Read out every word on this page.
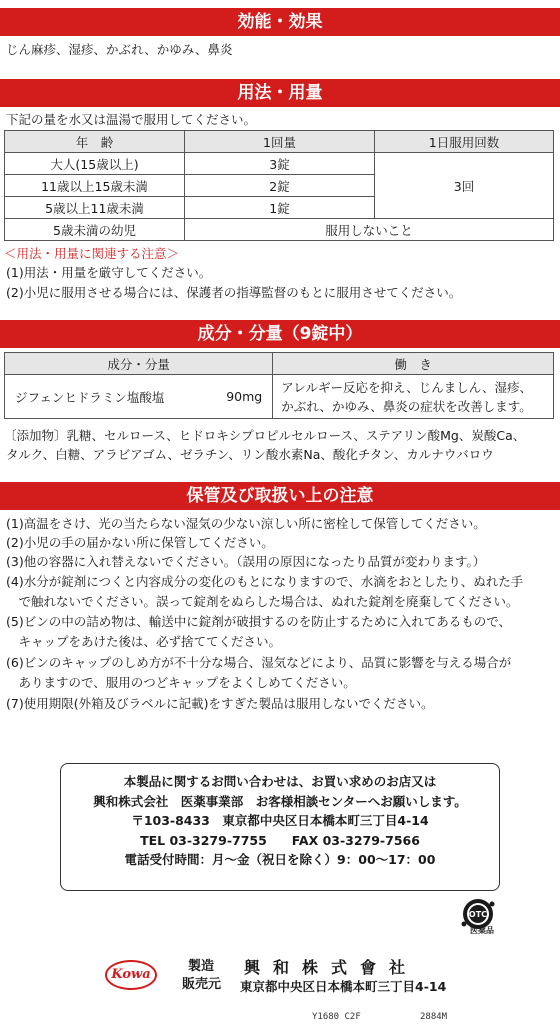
効能・効果
じん麻疹、湿疹、かぶれ、かゆみ、鼻炎
用法・用量
下記の量を水又は温湯で服用してください。
年　齢	1回量	1日服用回数
大人(15歳以上)	3錠	3回
11歳以上15歳未満	2錠	
5歳以上11歳未満	1錠	
5歳未満の幼児	服用しないこと	
＜用法・用量に関連する注意＞
(1)用法・用量を厳守してください。
(2)小児に服用させる場合には、保護者の指導監督のもとに服用させてください。
成分・分量（9錠中）
成分・分量		働　き
ジフェンヒドラミン塩酸塩	90mg	アレルギー反応を抑え、じんましん、湿疹、
かぶれ、かゆみ、鼻炎の症状を改善します。
〔添加物〕乳糖、セルロース、ヒドロキシプロピルセルロース、ステアリン酸Mg、炭酸Ca、
タルク、白糖、アラビアゴム、ゼラチン、リン酸水素Na、酸化チタン、カルナウバロウ
保管及び取扱い上の注意
(1)高温をさけ、光の当たらない湿気の少ない涼しい所に密栓して保管してください。
(2)小児の手の届かない所に保管してください。
(3)他の容器に入れ替えないでください。（誤用の原因になったり品質が変わります。）
(4)水分が錠剤につくと内容成分の変化のもとになりますので、水滴をおとしたり、ぬれた手
　で触れないでください。誤って錠剤をぬらした場合は、ぬれた錠剤を廃棄してください。
(5)ビンの中の詰め物は、輸送中に錠剤が破損するのを防止するために入れてあるもので、
　キャップをあけた後は、必ず捨ててください。
(6)ビンのキャップのしめ方が不十分な場合、湿気などにより、品質に影響を与える場合が
　ありますので、服用のつどキャップをよくしめてください。
(7)使用期限(外箱及びラベルに記載)をすぎた製品は服用しないでください。
本製品に関するお問い合わせは、お買い求めのお店又は
興和株式会社　医薬事業部　お客様相談センターへお願いします。
〒103-8433　東京都中央区日本橋本町三丁目4-14
TEL 03-3279-7755　　FAX 03-3279-7566
電話受付時間：月〜金（祝日を除く）9：00〜17：00
OTC
医薬品
Kowa
製造
販売元
興和株式會社
東京都中央区日本橋本町三丁目4-14
Y1680 C2F	2884M
